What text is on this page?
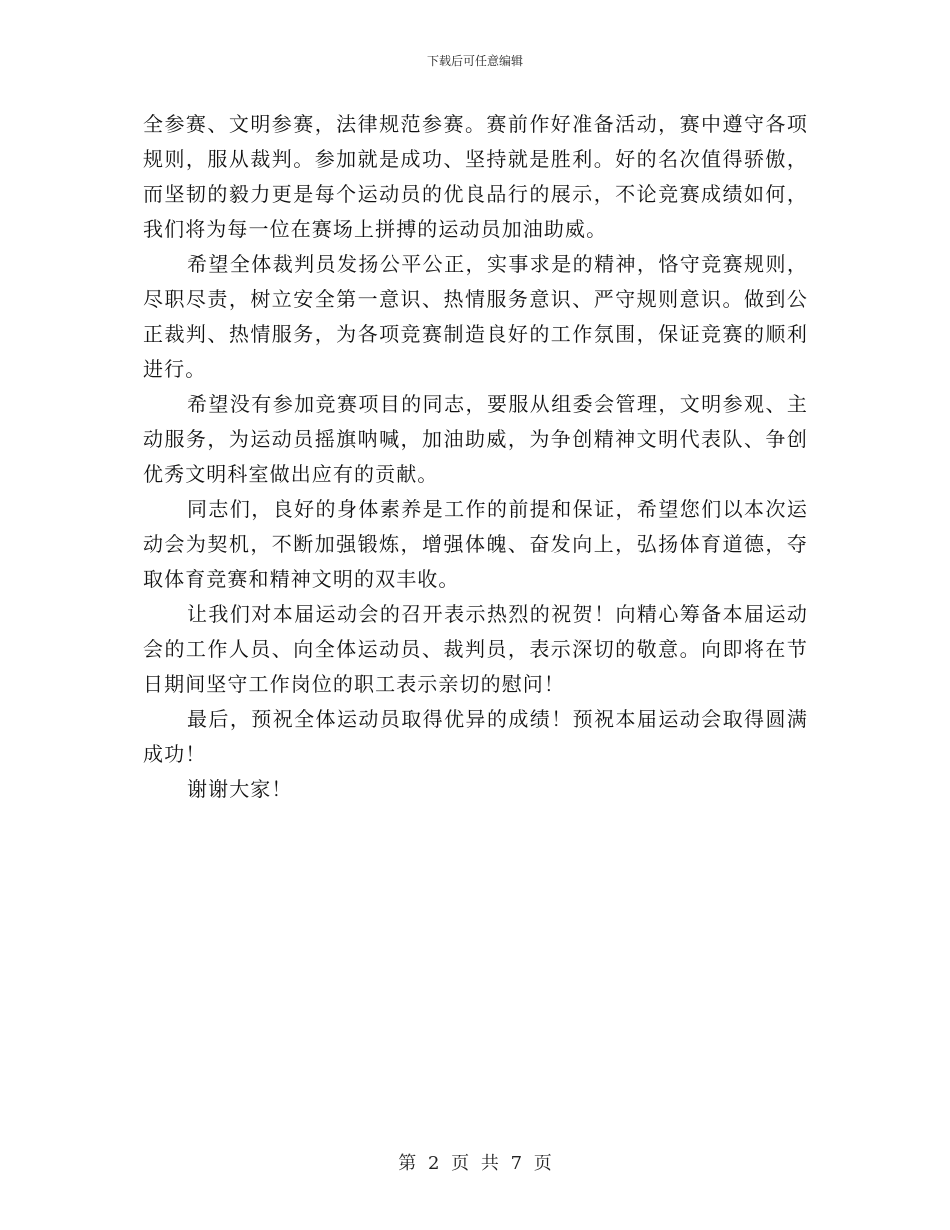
下载后可任意编辑

全参赛、文明参赛，法律规范参赛。赛前作好准备活动，赛中遵守各项规则，服从裁判。参加就是成功、坚持就是胜利。好的名次值得骄傲，而坚韧的毅力更是每个运动员的优良品行的展示，不论竞赛成绩如何，我们将为每一位在赛场上拼搏的运动员加油助威。

希望全体裁判员发扬公平公正，实事求是的精神，恪守竞赛规则，尽职尽责，树立安全第一意识、热情服务意识、严守规则意识。做到公正裁判、热情服务，为各项竞赛制造良好的工作氛围，保证竞赛的顺利进行。

希望没有参加竞赛项目的同志，要服从组委会管理，文明参观、主动服务，为运动员摇旗呐喊，加油助威，为争创精神文明代表队、争创优秀文明科室做出应有的贡献。

同志们，良好的身体素养是工作的前提和保证，希望您们以本次运动会为契机，不断加强锻炼，增强体魄、奋发向上，弘扬体育道德，夺取体育竞赛和精神文明的双丰收。

让我们对本届运动会的召开表示热烈的祝贺！向精心筹备本届运动会的工作人员、向全体运动员、裁判员，表示深切的敬意。向即将在节日期间坚守工作岗位的职工表示亲切的慰问！

最后，预祝全体运动员取得优异的成绩！预祝本届运动会取得圆满成功！

谢谢大家！

第 2 页 共 7 页
